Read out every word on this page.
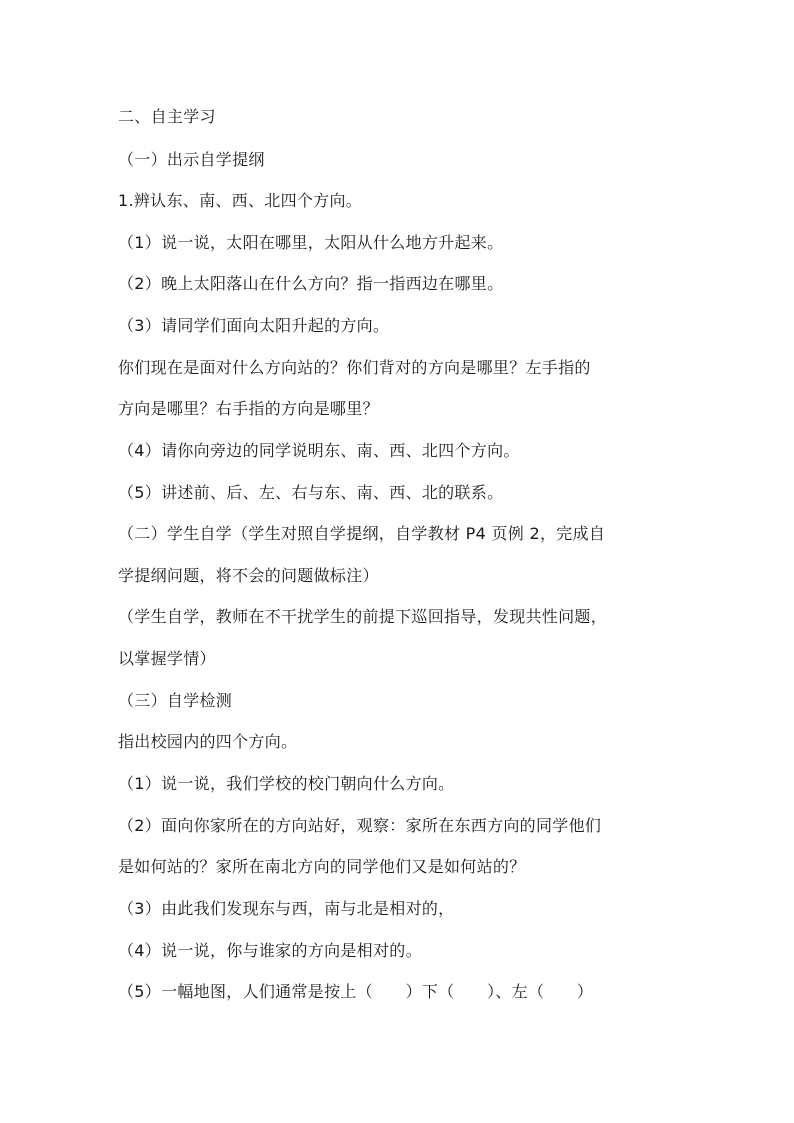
二、自主学习

（一）出示自学提纲

1.辨认东、南、西、北四个方向。

（1）说一说，太阳在哪里，太阳从什么地方升起来。

（2）晚上太阳落山在什么方向？指一指西边在哪里。

（3）请同学们面向太阳升起的方向。

你们现在是面对什么方向站的？你们背对的方向是哪里？左手指的

方向是哪里？右手指的方向是哪里？

（4）请你向旁边的同学说明东、南、西、北四个方向。

（5）讲述前、后、左、右与东、南、西、北的联系。

（二）学生自学（学生对照自学提纲，自学教材 P4 页例 2，完成自

学提纲问题，将不会的问题做标注）

（学生自学，教师在不干扰学生的前提下巡回指导，发现共性问题，

以掌握学情）

（三）自学检测

指出校园内的四个方向。

（1）说一说，我们学校的校门朝向什么方向。

（2）面向你家所在的方向站好，观察：家所在东西方向的同学他们

是如何站的？家所在南北方向的同学他们又是如何站的？

（3）由此我们发现东与西，南与北是相对的，

（4）说一说，你与谁家的方向是相对的。

（5）一幅地图，人们通常是按上（　　）下（　　）、左（　　）
